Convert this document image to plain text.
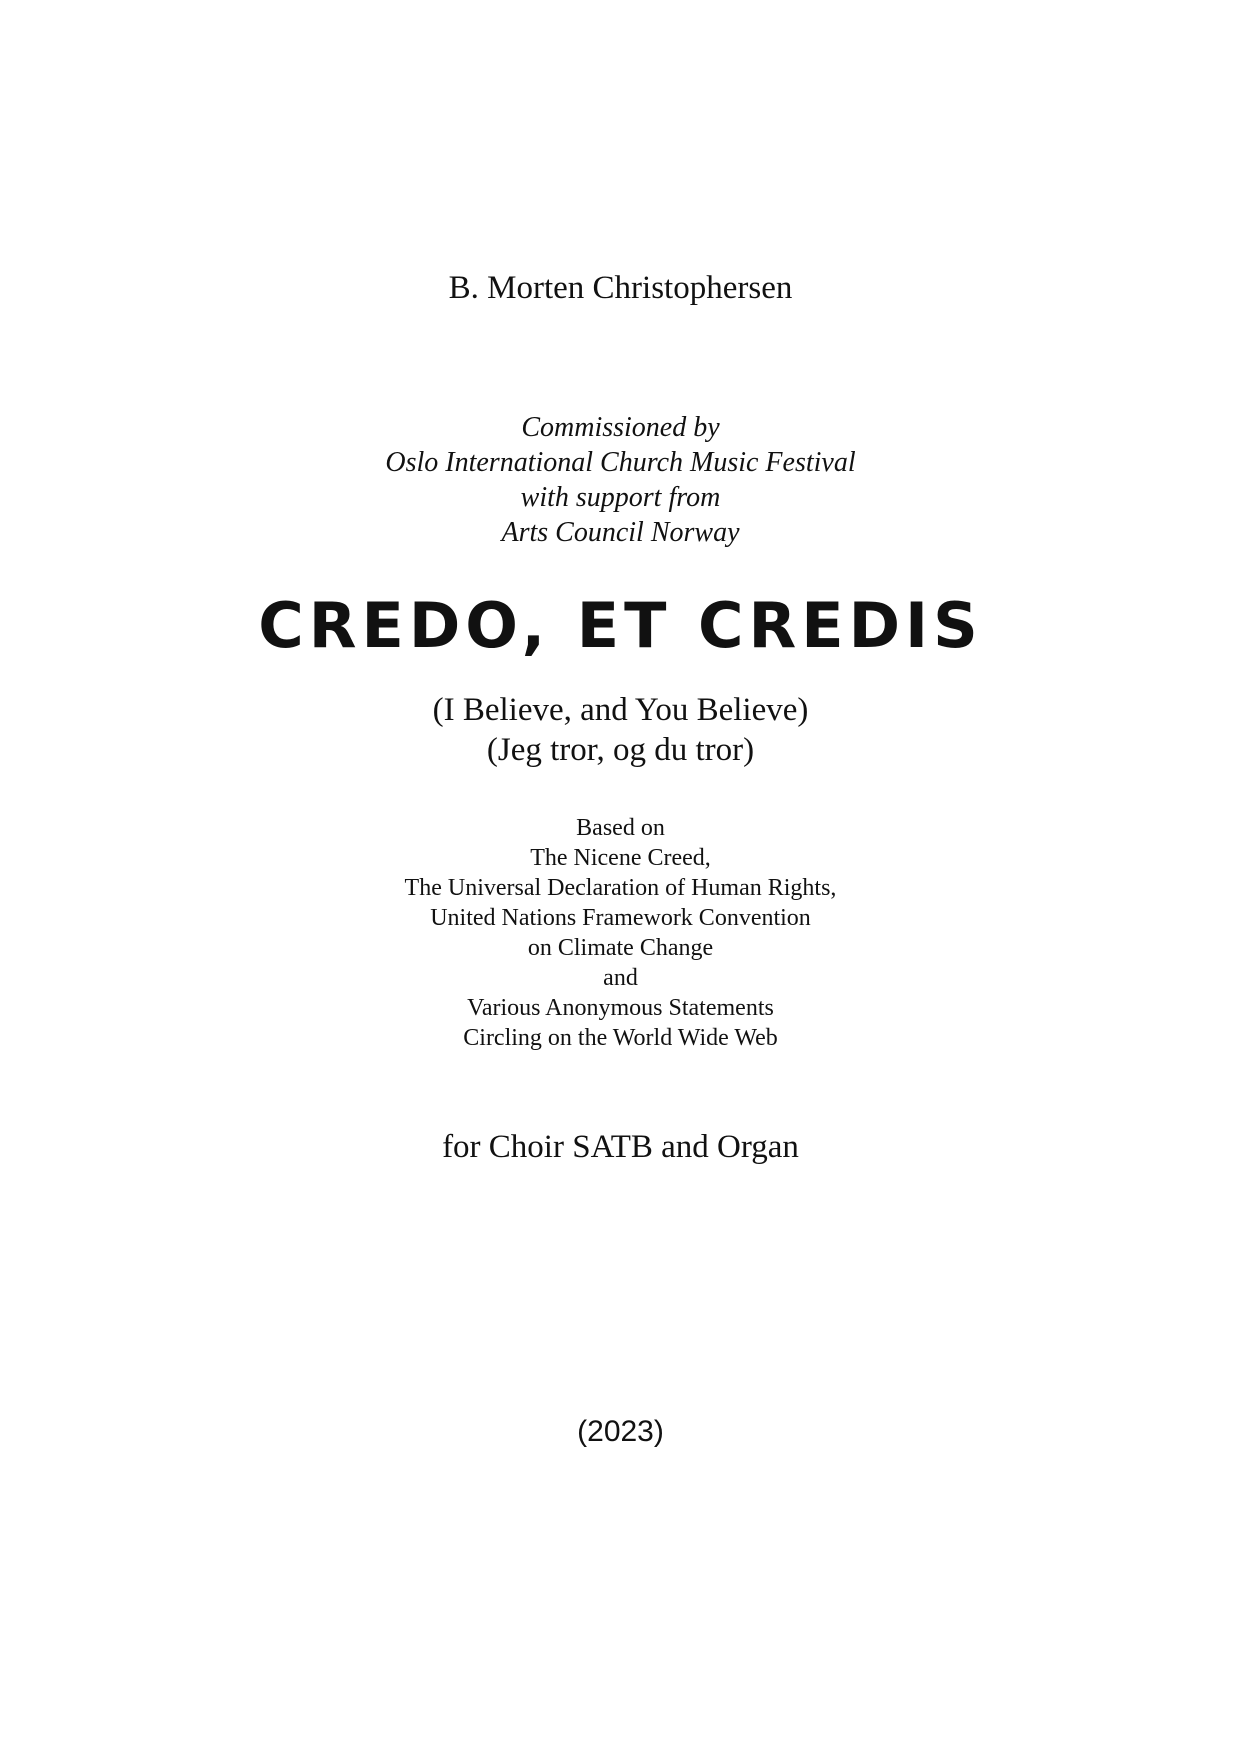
B. Morten Christophersen

Commissioned by
Oslo International Church Music Festival
with support from
Arts Council Norway
CREDO, ET CREDIS
(I Believe, and You Believe)
(Jeg tror, og du tror)
Based on
The Nicene Creed,
The Universal Declaration of Human Rights,
United Nations Framework Convention
on Climate Change
and
Various Anonymous Statements
Circling on the World Wide Web

for Choir SATB and Organ

(2023)
